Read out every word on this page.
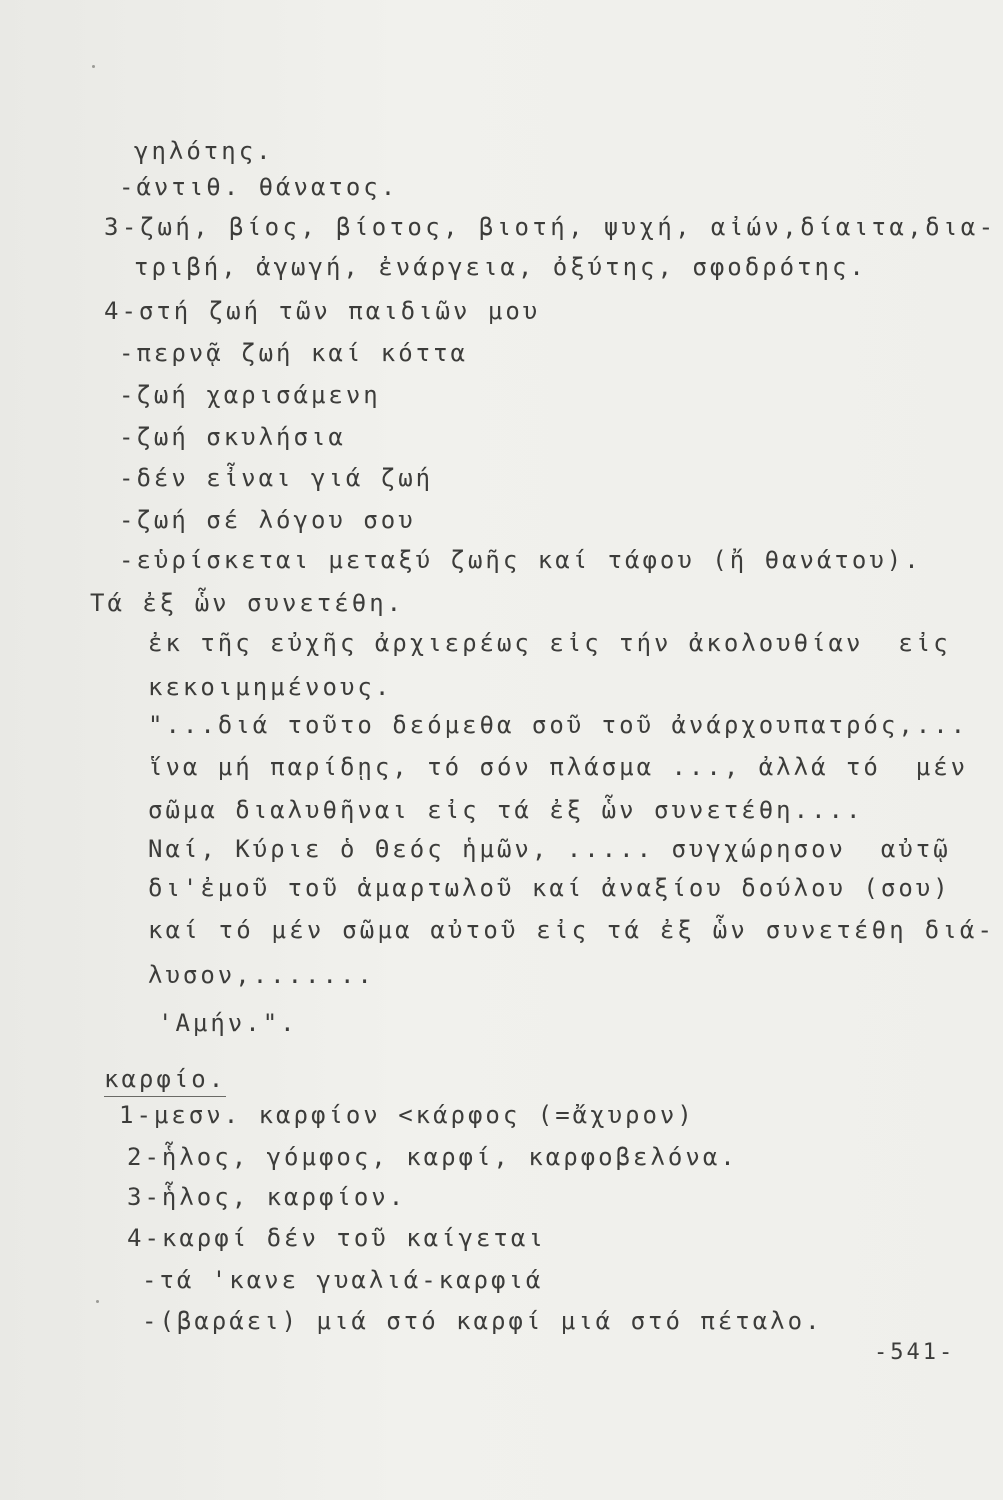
γηλότης.
-άντιθ. θάνατος.
3-ζωή, βίος, βίοτος, βιοτή, ψυχή, αἰών,δίαιτα,δια-
τριβή, ἀγωγή, ἐνάργεια, ὀξύτης, σφοδρότης.
4-στή ζωή τῶν παιδιῶν μου
-περνᾷ ζωή καί κόττα
-ζωή χαρισάμενη
-ζωή σκυλήσια
-δέν εἶναι γιά ζωή
-ζωή σέ λόγου σου
-εὑρίσκεται μεταξύ ζωῆς καί τάφου (ἤ θανάτου).
Τά ἐξ ὧν συνετέθη.
ἐκ τῆς εὐχῆς ἀρχιερέως εἰς τήν ἀκολουθίαν  εἰς
κεκοιμημένους.
"...διά τοῦτο δεόμεθα σοῦ τοῦ ἀνάρχουπατρός,...
ἵνα μή παρίδῃς, τό σόν πλάσμα ..., ἀλλά τό  μέν
σῶμα διαλυθῆναι εἰς τά ἐξ ὧν συνετέθη....
Ναί, Κύριε ὁ Θεός ἡμῶν, ..... συγχώρησον  αὐτῷ
δι'ἐμοῦ τοῦ ἁμαρτωλοῦ καί ἀναξίου δούλου (σου)
καί τό μέν σῶμα αὐτοῦ εἰς τά ἐξ ὧν συνετέθη διά-
λυσον,.......
'Αμήν.".
καρφίο.
1-μεσν. καρφίον <κάρφος (=ἄχυρον)
2-ἧλος, γόμφος, καρφί, καρφοβελόνα.
3-ἧλος, καρφίον.
4-καρφί δέν τοῦ καίγεται
-τά 'κανε γυαλιά-καρφιά
-(βαράει) μιά στό καρφί μιά στό πέταλο.
-541-
